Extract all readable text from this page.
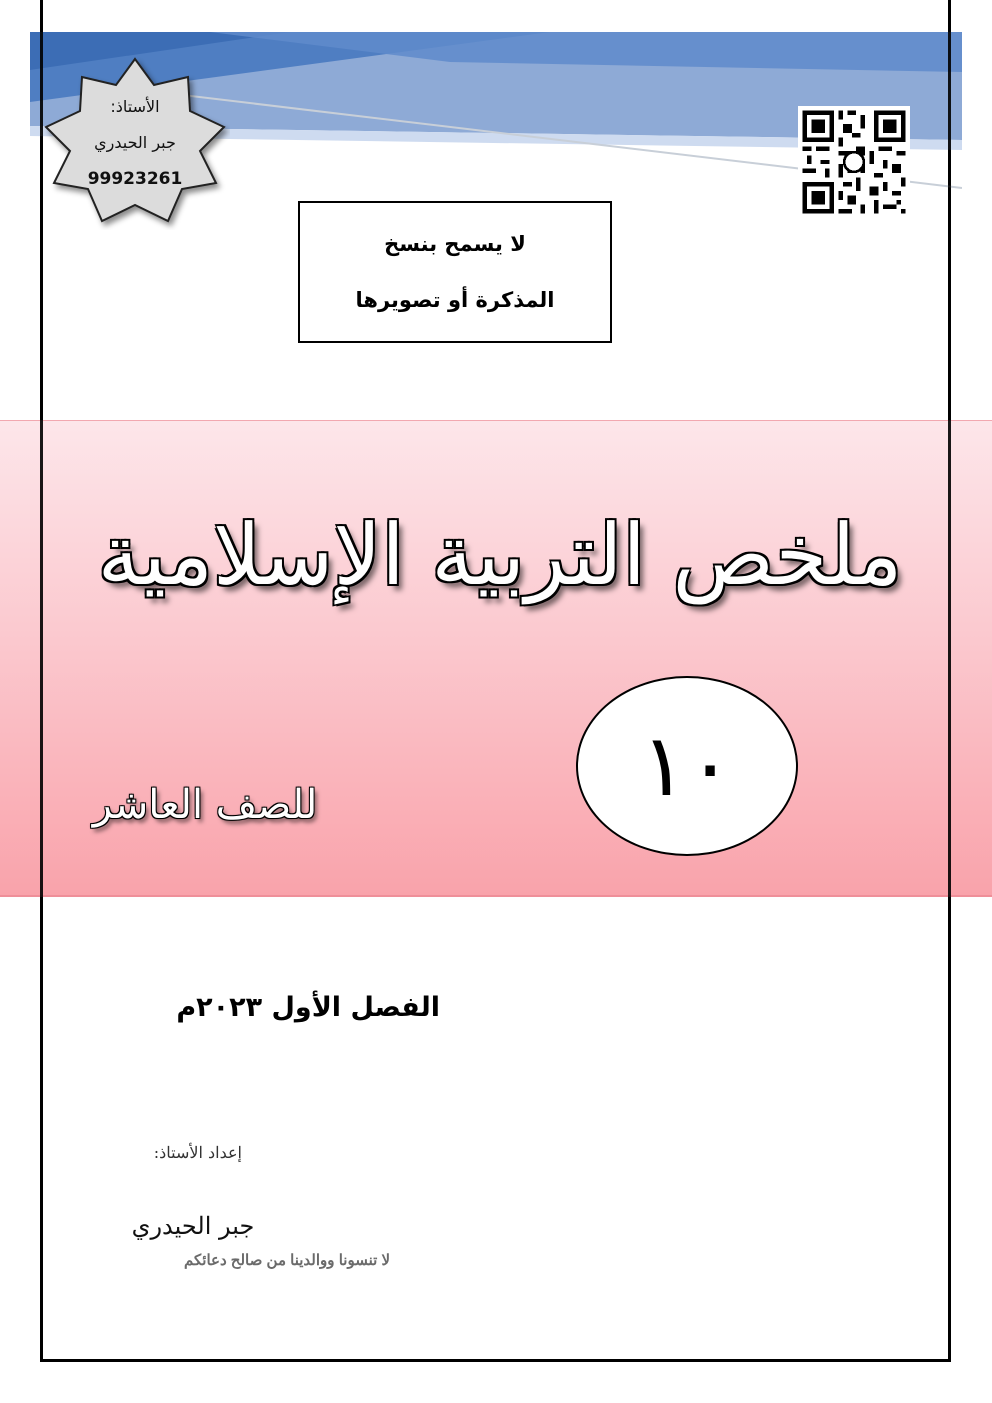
الأستاذ:
جبر الحيدري
99923261
لا يسمح بنسخ
المذكرة أو تصويرها
ملخص التربية الإسلامية
١٠
للصف العاشر
الفصل الأول ٢٠٢٣م
إعداد الأستاذ:
جبر الحيدري
لا تنسونا ووالدينا من صالح دعائكم
